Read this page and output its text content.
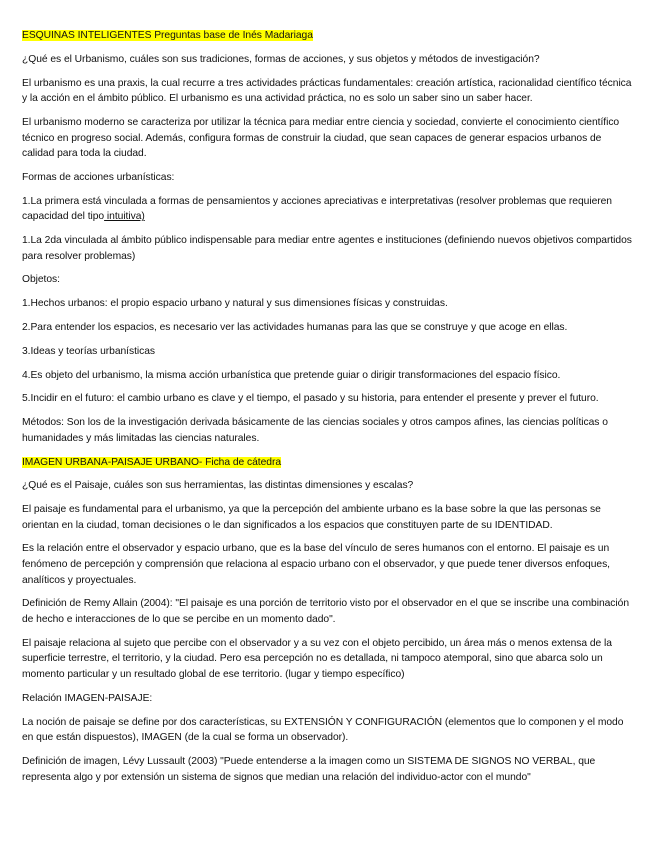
ESQUINAS INTELIGENTES Preguntas base de Inés Madariaga

¿Qué es el Urbanismo, cuáles son sus tradiciones, formas de acciones, y sus objetos y métodos de investigación?

El urbanismo es una praxis, la cual recurre a tres actividades prácticas fundamentales: creación artística, racionalidad científico técnica y la acción en el ámbito público. El urbanismo es una actividad práctica, no es solo un saber sino un saber hacer.

El urbanismo moderno se caracteriza por utilizar la técnica para mediar entre ciencia y sociedad, convierte el conocimiento científico técnico en progreso social. Además, configura formas de construir la ciudad, que sean capaces de generar espacios urbanos de calidad para toda la ciudad.

Formas de acciones urbanísticas:

1.La primera está vinculada a formas de pensamientos y acciones apreciativas e interpretativas (resolver problemas que requieren capacidad del tipo intuitiva)

1.La 2da vinculada al ámbito público indispensable para mediar entre agentes e instituciones (definiendo nuevos objetivos compartidos para resolver problemas)

Objetos:

1.Hechos urbanos: el propio espacio urbano y natural y sus dimensiones físicas y construidas.

2.Para entender los espacios, es necesario ver las actividades humanas para las que se construye y que acoge en ellas.

3.Ideas y teorías urbanísticas

4.Es objeto del urbanismo, la misma acción urbanística que pretende guiar o dirigir transformaciones del espacio físico.

5.Incidir en el futuro: el cambio urbano es clave y el tiempo, el pasado y su historia, para entender el presente y prever el futuro.

Métodos: Son los de la investigación derivada básicamente de las ciencias sociales y otros campos afines, las ciencias políticas o humanidades y más limitadas las ciencias naturales.

IMAGEN URBANA-PAISAJE URBANO- Ficha de cátedra

¿Qué es el Paisaje, cuáles son sus herramientas, las distintas dimensiones y escalas?

El paisaje es fundamental para el urbanismo, ya que la percepción del ambiente urbano es la base sobre la que las personas se orientan en la ciudad, toman decisiones o le dan significados a los espacios que constituyen parte de su IDENTIDAD.

Es la relación entre el observador y espacio urbano, que es la base del vínculo de seres humanos con el entorno. El paisaje es un fenómeno de percepción y comprensión que relaciona al espacio urbano con el observador, y que puede tener diversos enfoques, analíticos y proyectuales.

Definición de Remy Allain (2004): "El paisaje es una porción de territorio visto por el observador en el que se inscribe una combinación de hecho e interacciones de lo que se percibe en un momento dado".

El paisaje relaciona al sujeto que percibe con el observador y a su vez con el objeto percibido, un área más o menos extensa de la superficie terrestre, el territorio, y la ciudad. Pero esa percepción no es detallada, ni tampoco atemporal, sino que abarca solo un momento particular y un resultado global de ese territorio. (lugar y tiempo específico)

Relación IMAGEN-PAISAJE:

La noción de paisaje se define por dos características, su EXTENSIÓN Y CONFIGURACIÓN (elementos que lo componen y el modo en que están dispuestos), IMAGEN (de la cual se forma un observador).

Definición de imagen, Lévy Lussault (2003) "Puede entenderse a la imagen como un SISTEMA DE SIGNOS NO VERBAL, que representa algo y por extensión un sistema de signos que median una relación del individuo-actor con el mundo"
